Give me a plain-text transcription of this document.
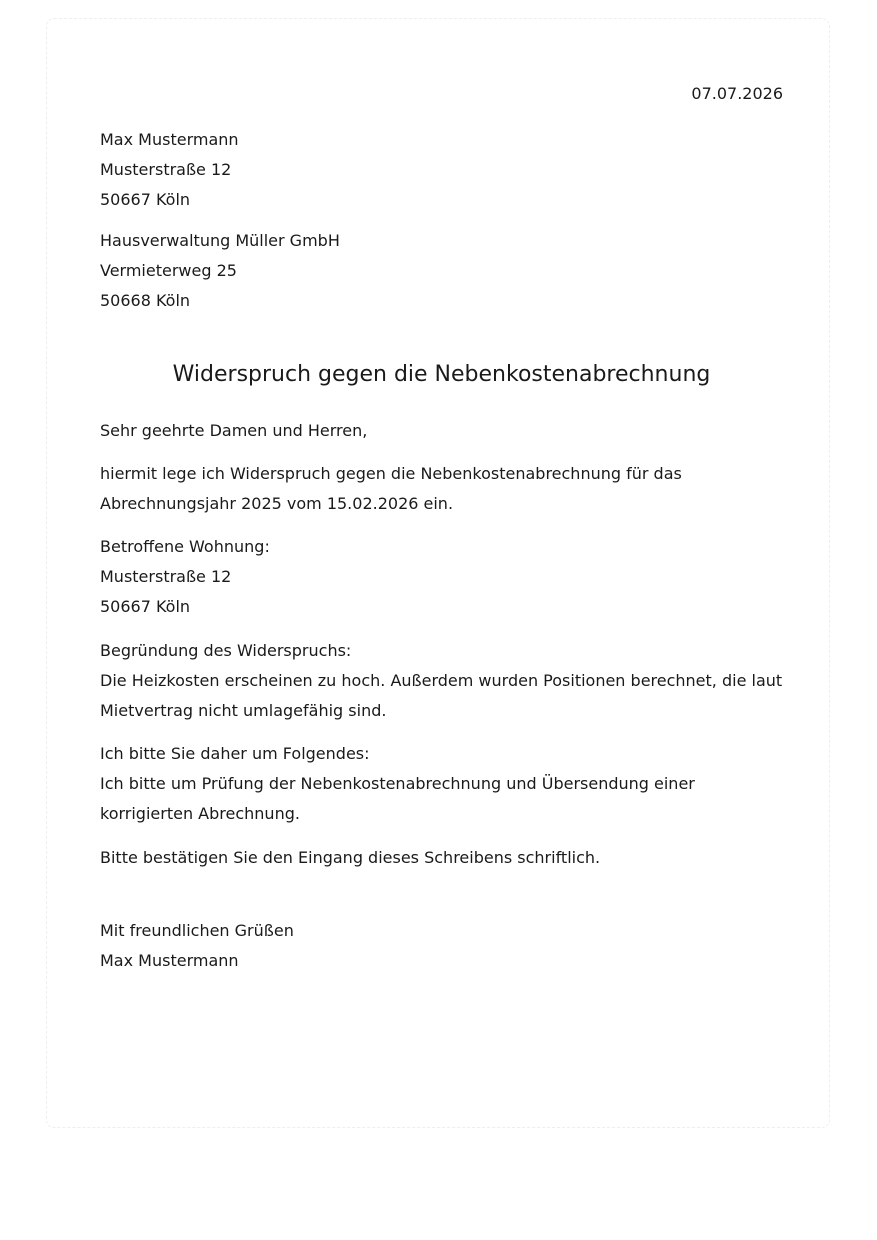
07.07.2026
Max Mustermann
Musterstraße 12
50667 Köln
Hausverwaltung Müller GmbH
Vermieterweg 25
50668 Köln
Widerspruch gegen die Nebenkostenabrechnung
Sehr geehrte Damen und Herren,
hiermit lege ich Widerspruch gegen die Nebenkostenabrechnung für das Abrechnungsjahr 2025 vom 15.02.2026 ein.
Betroffene Wohnung:
Musterstraße 12
50667 Köln
Begründung des Widerspruchs:
Die Heizkosten erscheinen zu hoch. Außerdem wurden Positionen berechnet, die laut Mietvertrag nicht umlagefähig sind.
Ich bitte Sie daher um Folgendes:
Ich bitte um Prüfung der Nebenkostenabrechnung und Übersendung einer korrigierten Abrechnung.
Bitte bestätigen Sie den Eingang dieses Schreibens schriftlich.
Mit freundlichen Grüßen
Max Mustermann
